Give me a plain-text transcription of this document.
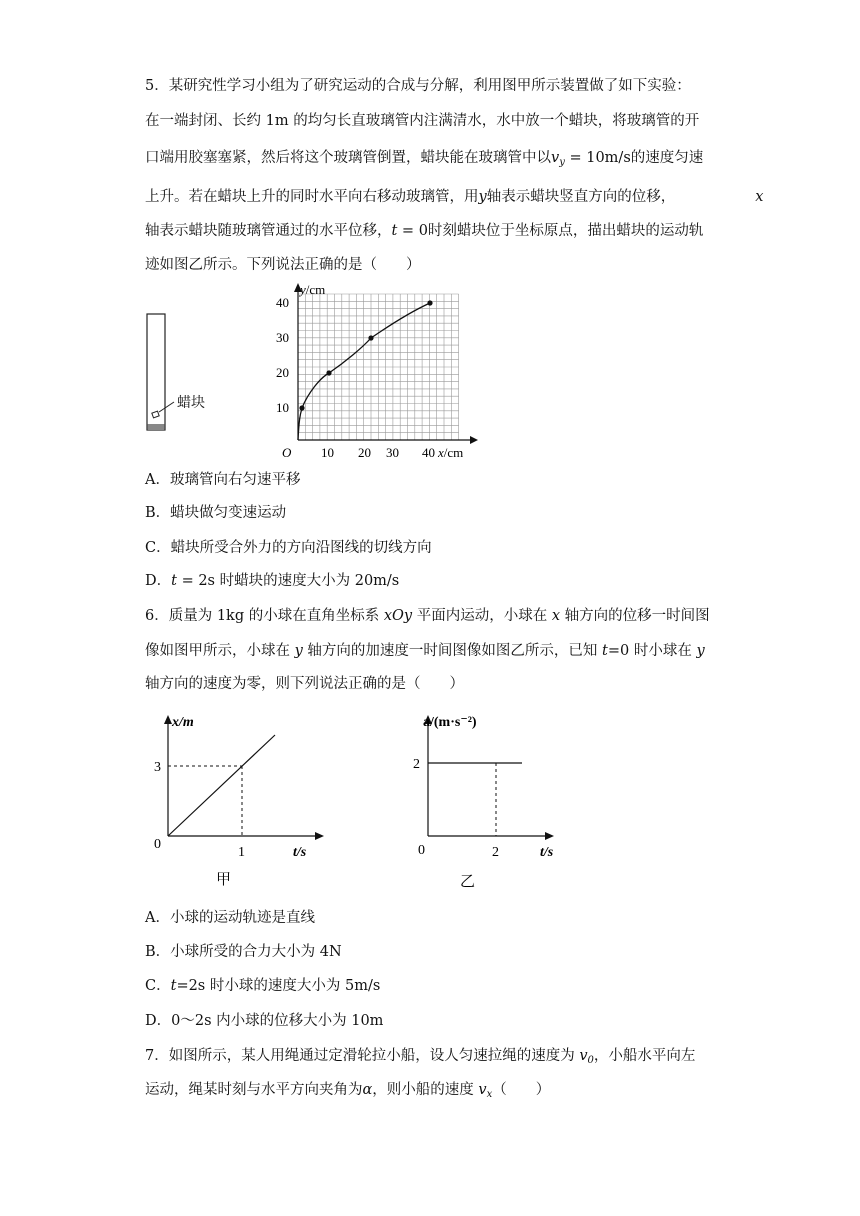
5．某研究性学习小组为了研究运动的合成与分解，利用图甲所示装置做了如下实验：
在一端封闭、长约 1m 的均匀长直玻璃管内注满清水，水中放一个蜡块，将玻璃管的开
口端用胶塞塞紧，然后将这个玻璃管倒置，蜡块能在玻璃管中以$v_y = 10m/s$的速度匀速
上升。若在蜡块上升的同时水平向右移动玻璃管，用y轴表示蜡块竖直方向的位移，	x
轴表示蜡块随玻璃管通过的水平位移，t = 0时刻蜡块位于坐标原点，描出蜡块的运动轨
迹如图乙所示。下列说法正确的是（　　）
蜡块
y/cm
x/cm
O 10 20 30 40
10
20
30
40
A．玻璃管向右匀速平移
B．蜡块做匀变速运动
C．蜡块所受合外力的方向沿图线的切线方向
D．t = 2s 时蜡块的速度大小为 20m/s
6．质量为 1kg 的小球在直角坐标系 xOy 平面内运动，小球在 x 轴方向的位移一时间图
像如图甲所示，小球在 y 轴方向的加速度一时间图像如图乙所示，已知 t=0 时小球在 y
轴方向的速度为零，则下列说法正确的是（　　）
x/m
t/s
0
3
1
甲
a/(m·s⁻²)
t/s
0
2
2
乙
A．小球的运动轨迹是直线
B．小球所受的合力大小为 4N
C．t=2s 时小球的速度大小为 5m/s
D．0～2s 内小球的位移大小为 10m
7．如图所示，某人用绳通过定滑轮拉小船，设人匀速拉绳的速度为 $v_0$，小船水平向左
运动，绳某时刻与水平方向夹角为α，则小船的速度 $v_x$（　　）
